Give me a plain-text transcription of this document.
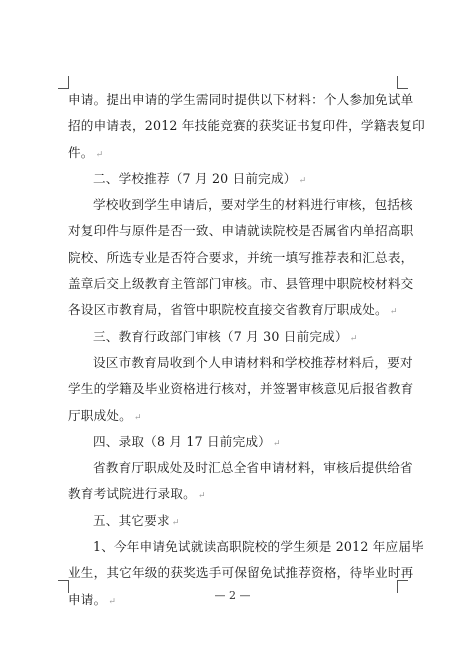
申请。提出申请的学生需同时提供以下材料：个人参加免试单
招的申请表，2012 年技能竞赛的获奖证书复印件，学籍表复印
件。 ↵
二、学校推荐（7 月 20 日前完成） ↵
学校收到学生申请后，要对学生的材料进行审核，包括核
对复印件与原件是否一致、申请就读院校是否属省内单招高职
院校、所选专业是否符合要求，并统一填写推荐表和汇总表，
盖章后交上级教育主管部门审核。市、县管理中职院校材料交
各设区市教育局，省管中职院校直接交省教育厅职成处。 ↵
三、教育行政部门审核（7 月 30 日前完成） ↵
设区市教育局收到个人申请材料和学校推荐材料后，要对
学生的学籍及毕业资格进行核对，并签署审核意见后报省教育
厅职成处。 ↵
四、录取（8 月 17 日前完成） ↵
省教育厅职成处及时汇总全省申请材料，审核后提供给省
教育考试院进行录取。 ↵
五、其它要求 ↵
1、今年申请免试就读高职院校的学生须是 2012 年应届毕
业生，其它年级的获奖选手可保留免试推荐资格，待毕业时再
申请。 ↵	— 2 —
